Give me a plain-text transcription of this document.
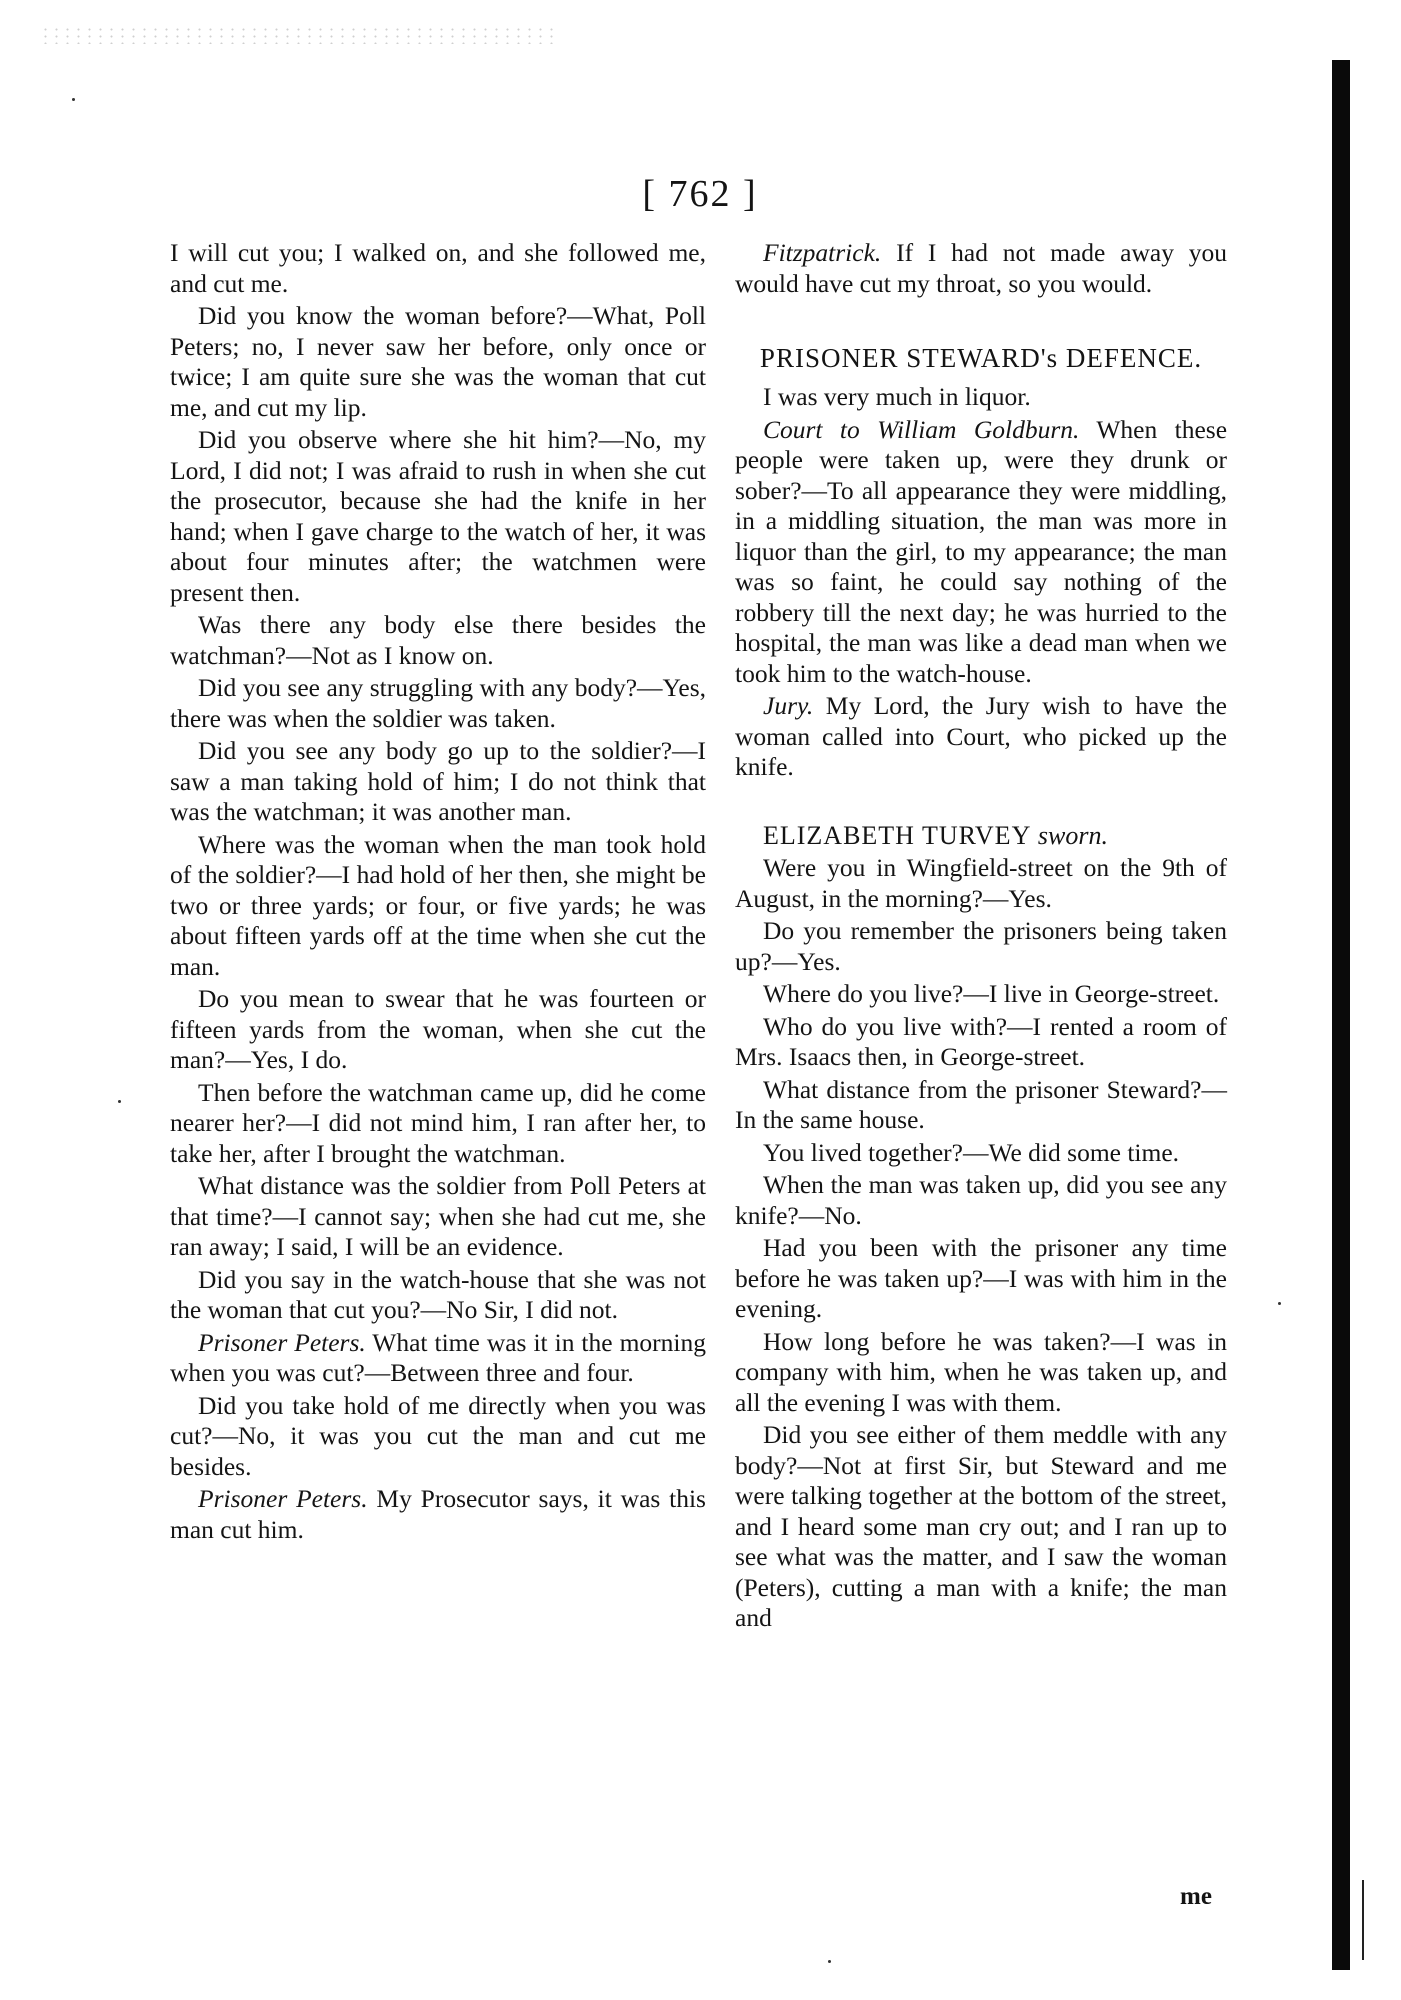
[ 762 ]

I will cut you; I walked on, and she followed me, and cut me.

Did you know the woman before?—What, Poll Peters; no, I never saw her before, only once or twice; I am quite sure she was the woman that cut me, and cut my lip.

Did you observe where she hit him?—No, my Lord, I did not; I was afraid to rush in when she cut the prosecutor, because she had the knife in her hand; when I gave charge to the watch of her, it was about four minutes after; the watchmen were present then.

Was there any body else there besides the watchman?—Not as I know on.

Did you see any struggling with any body?—Yes, there was when the soldier was taken.

Did you see any body go up to the soldier?—I saw a man taking hold of him; I do not think that was the watchman; it was another man.

Where was the woman when the man took hold of the soldier?—I had hold of her then, she might be two or three yards; or four, or five yards; he was about fifteen yards off at the time when she cut the man.

Do you mean to swear that he was fourteen or fifteen yards from the woman, when she cut the man?—Yes, I do.

Then before the watchman came up, did he come nearer her?—I did not mind him, I ran after her, to take her, after I brought the watchman.

What distance was the soldier from Poll Peters at that time?—I cannot say; when she had cut me, she ran away; I said, I will be an evidence.

Did you say in the watch-house that she was not the woman that cut you?—No Sir, I did not.

Prisoner Peters. What time was it in the morning when you was cut?—Between three and four.

Did you take hold of me directly when you was cut?—No, it was you cut the man and cut me besides.

Prisoner Peters. My Prosecutor says, it was this man cut him.

Fitzpatrick. If I had not made away you would have cut my throat, so you would.

PRISONER STEWARD's DEFENCE.

I was very much in liquor.

Court to William Goldburn. When these people were taken up, were they drunk or sober?—To all appearance they were middling, in a middling situation, the man was more in liquor than the girl, to my appearance; the man was so faint, he could say nothing of the robbery till the next day; he was hurried to the hospital, the man was like a dead man when we took him to the watch-house.

Jury. My Lord, the Jury wish to have the woman called into Court, who picked up the knife.

ELIZABETH TURVEY sworn.

Were you in Wingfield-street on the 9th of August, in the morning?—Yes.

Do you remember the prisoners being taken up?—Yes.

Where do you live?—I live in George-street.

Who do you live with?—I rented a room of Mrs. Isaacs then, in George-street.

What distance from the prisoner Steward?—In the same house.

You lived together?—We did some time.

When the man was taken up, did you see any knife?—No.

Had you been with the prisoner any time before he was taken up?—I was with him in the evening.

How long before he was taken?—I was in company with him, when he was taken up, and all the evening I was with them.

Did you see either of them meddle with any body?—Not at first Sir, but Steward and me were talking together at the bottom of the street, and I heard some man cry out; and I ran up to see what was the matter, and I saw the woman (Peters), cutting a man with a knife; the man and

me
